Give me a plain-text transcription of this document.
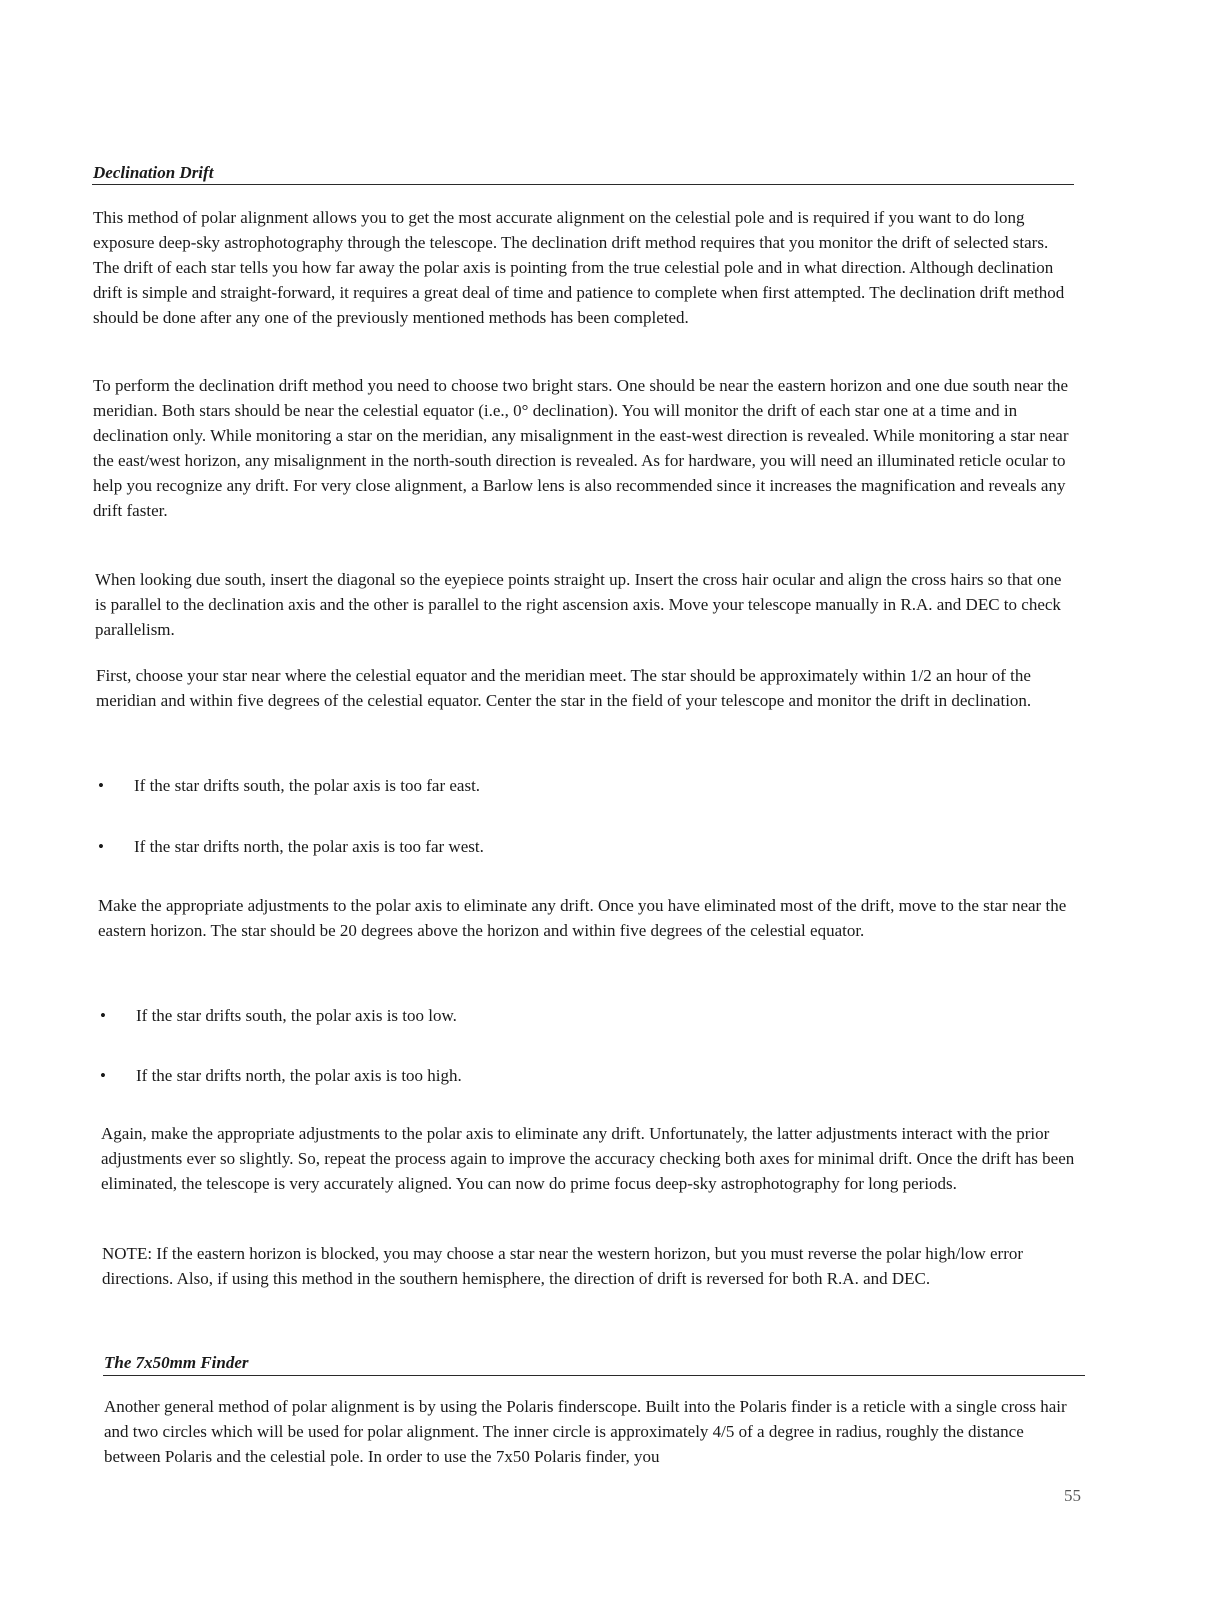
Declination Drift

This method of polar alignment allows you to get the most accurate alignment on the celestial pole and is required if you want to do long exposure deep-sky astrophotography through the telescope. The declination drift method requires that you monitor the drift of selected stars. The drift of each star tells you how far away the polar axis is pointing from the true celestial pole and in what direction. Although declination drift is simple and straight-forward, it requires a great deal of time and patience to complete when first attempted. The declination drift method should be done after any one of the previously mentioned methods has been completed.

To perform the declination drift method you need to choose two bright stars. One should be near the eastern horizon and one due south near the meridian. Both stars should be near the celestial equator (i.e., 0° declination). You will monitor the drift of each star one at a time and in declination only. While monitoring a star on the meridian, any misalignment in the east-west direction is revealed. While monitoring a star near the east/west horizon, any misalignment in the north-south direction is revealed. As for hardware, you will need an illuminated reticle ocular to help you recognize any drift. For very close alignment, a Barlow lens is also recommended since it increases the magnification and reveals any drift faster.

When looking due south, insert the diagonal so the eyepiece points straight up. Insert the cross hair ocular and align the cross hairs so that one is parallel to the declination axis and the other is parallel to the right ascension axis. Move your telescope manually in R.A. and DEC to check parallelism.

First, choose your star near where the celestial equator and the meridian meet. The star should be approximately within 1/2 an hour of the meridian and within five degrees of the celestial equator. Center the star in the field of your telescope and monitor the drift in declination.

•	If the star drifts south, the polar axis is too far east.
•	If the star drifts north, the polar axis is too far west.

Make the appropriate adjustments to the polar axis to eliminate any drift. Once you have eliminated most of the drift, move to the star near the eastern horizon. The star should be 20 degrees above the horizon and within five degrees of the celestial equator.

•	If the star drifts south, the polar axis is too low.
•	If the star drifts north, the polar axis is too high.

Again, make the appropriate adjustments to the polar axis to eliminate any drift. Unfortunately, the latter adjustments interact with the prior adjustments ever so slightly. So, repeat the process again to improve the accuracy checking both axes for minimal drift. Once the drift has been eliminated, the telescope is very accurately aligned. You can now do prime focus deep-sky astrophotography for long periods.

NOTE: If the eastern horizon is blocked, you may choose a star near the western horizon, but you must reverse the polar high/low error directions. Also, if using this method in the southern hemisphere, the direction of drift is reversed for both R.A. and DEC.

The 7x50mm Finder

Another general method of polar alignment is by using the Polaris finderscope. Built into the Polaris finder is a reticle with a single cross hair and two circles which will be used for polar alignment. The inner circle is approximately 4/5 of a degree in radius, roughly the distance between Polaris and the celestial pole. In order to use the 7x50 Polaris finder, you

55
